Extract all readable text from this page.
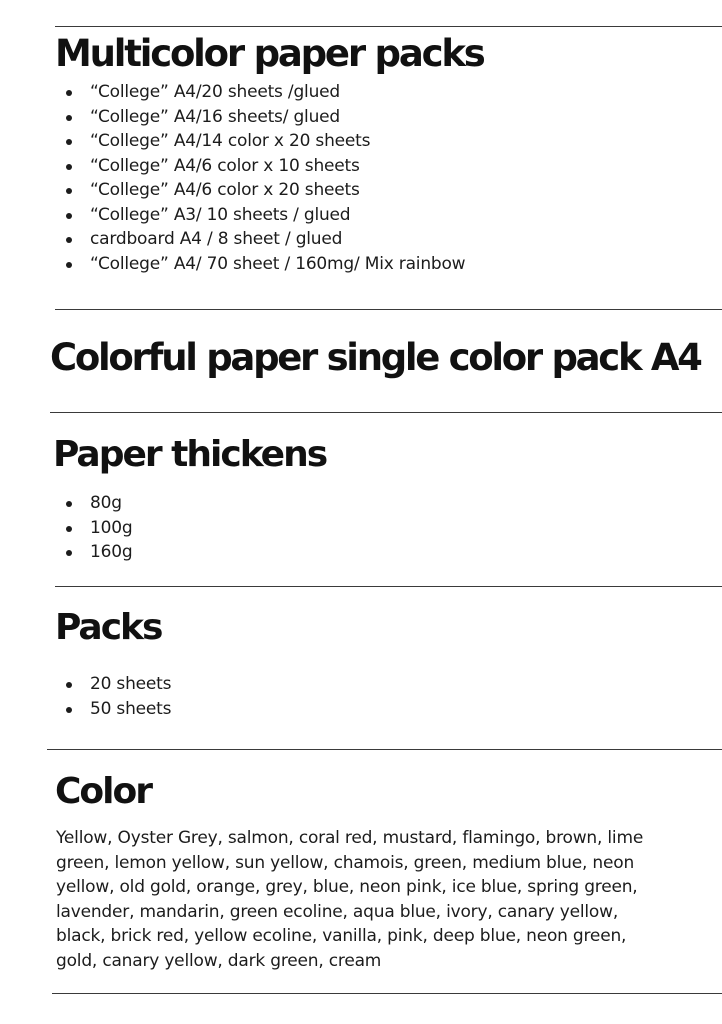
Multicolor paper packs
“College” A4/20 sheets /glued
“College” A4/16 sheets/ glued
“College” A4/14 color x 20 sheets
“College” A4/6 color x 10 sheets
“College” A4/6 color x 20 sheets
“College” A3/ 10 sheets / glued
cardboard A4 / 8 sheet / glued
“College” A4/ 70 sheet / 160mg/ Mix rainbow
Colorful paper single color pack A4
Paper thickens
80g
100g
160g
Packs
20 sheets
50 sheets
Color
Yellow, Oyster Grey, salmon, coral red, mustard, flamingo, brown, lime
green, lemon yellow, sun yellow, chamois, green, medium blue, neon
yellow, old gold, orange, grey, blue, neon pink, ice blue, spring green,
lavender, mandarin, green ecoline, aqua blue, ivory, canary yellow,
black, brick red, yellow ecoline, vanilla, pink, deep blue, neon green,
gold, canary yellow, dark green, cream
